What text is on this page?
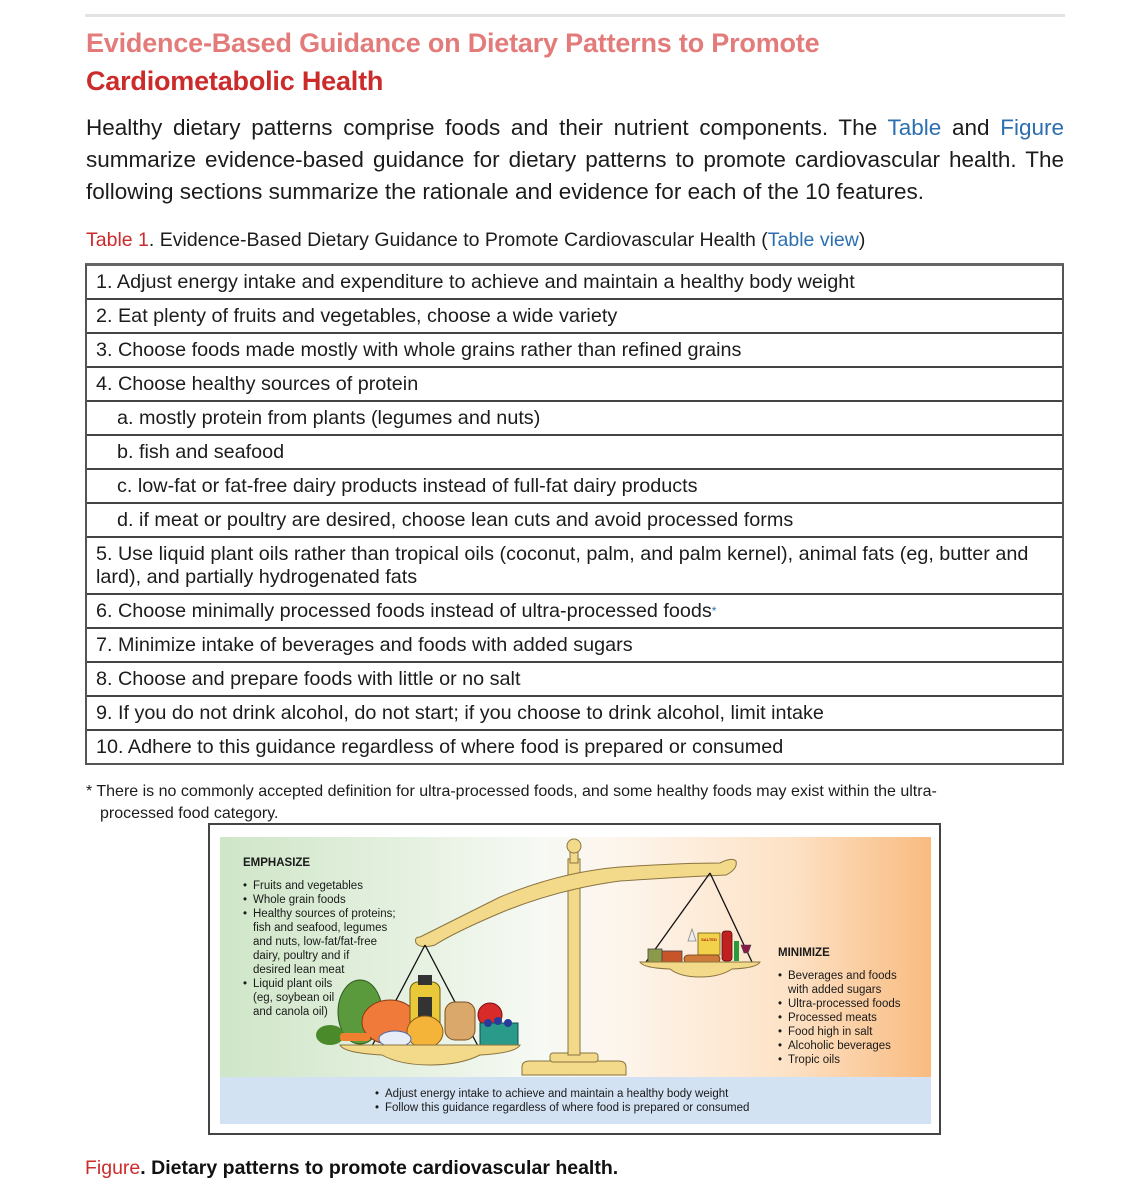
Evidence-Based Guidance on Dietary Patterns to Promote
Cardiometabolic Health

Healthy dietary patterns comprise foods and their nutrient components. The Table and Figure summarize evidence-based guidance for dietary patterns to promote cardiovascular health. The following sections summarize the rationale and evidence for each of the 10 features.

Table 1. Evidence-Based Dietary Guidance to Promote Cardiovascular Health (Table view)
1. Adjust energy intake and expenditure to achieve and maintain a healthy body weight
2. Eat plenty of fruits and vegetables, choose a wide variety
3. Choose foods made mostly with whole grains rather than refined grains
4. Choose healthy sources of protein
a. mostly protein from plants (legumes and nuts)
b. fish and seafood
c. low-fat or fat-free dairy products instead of full-fat dairy products
d. if meat or poultry are desired, choose lean cuts and avoid processed forms
5. Use liquid plant oils rather than tropical oils (coconut, palm, and palm kernel), animal fats (eg, butter and lard), and partially hydrogenated fats
6. Choose minimally processed foods instead of ultra-processed foods*
7. Minimize intake of beverages and foods with added sugars
8. Choose and prepare foods with little or no salt
9. If you do not drink alcohol, do not start; if you choose to drink alcohol, limit intake
10. Adhere to this guidance regardless of where food is prepared or consumed
* There is no commonly accepted definition for ultra-processed foods, and some healthy foods may exist within the ultra-
processed food category.
• Adjust energy intake to achieve and maintain a healthy body weight
• Follow this guidance regardless of where food is prepared or consumed
SALTED
EMPHASIZE
• Fruits and vegetables
• Whole grain foods
• Healthy sources of proteins;
fish and seafood, legumes
and nuts, low-fat/fat-free
dairy, poultry and if
desired lean meat
• Liquid plant oils
(eg, soybean oil
and canola oil)
MINIMIZE
• Beverages and foods
with added sugars
• Ultra-processed foods
• Processed meats
• Food high in salt
• Alcoholic beverages
• Tropic oils
Figure. Dietary patterns to promote cardiovascular health.
